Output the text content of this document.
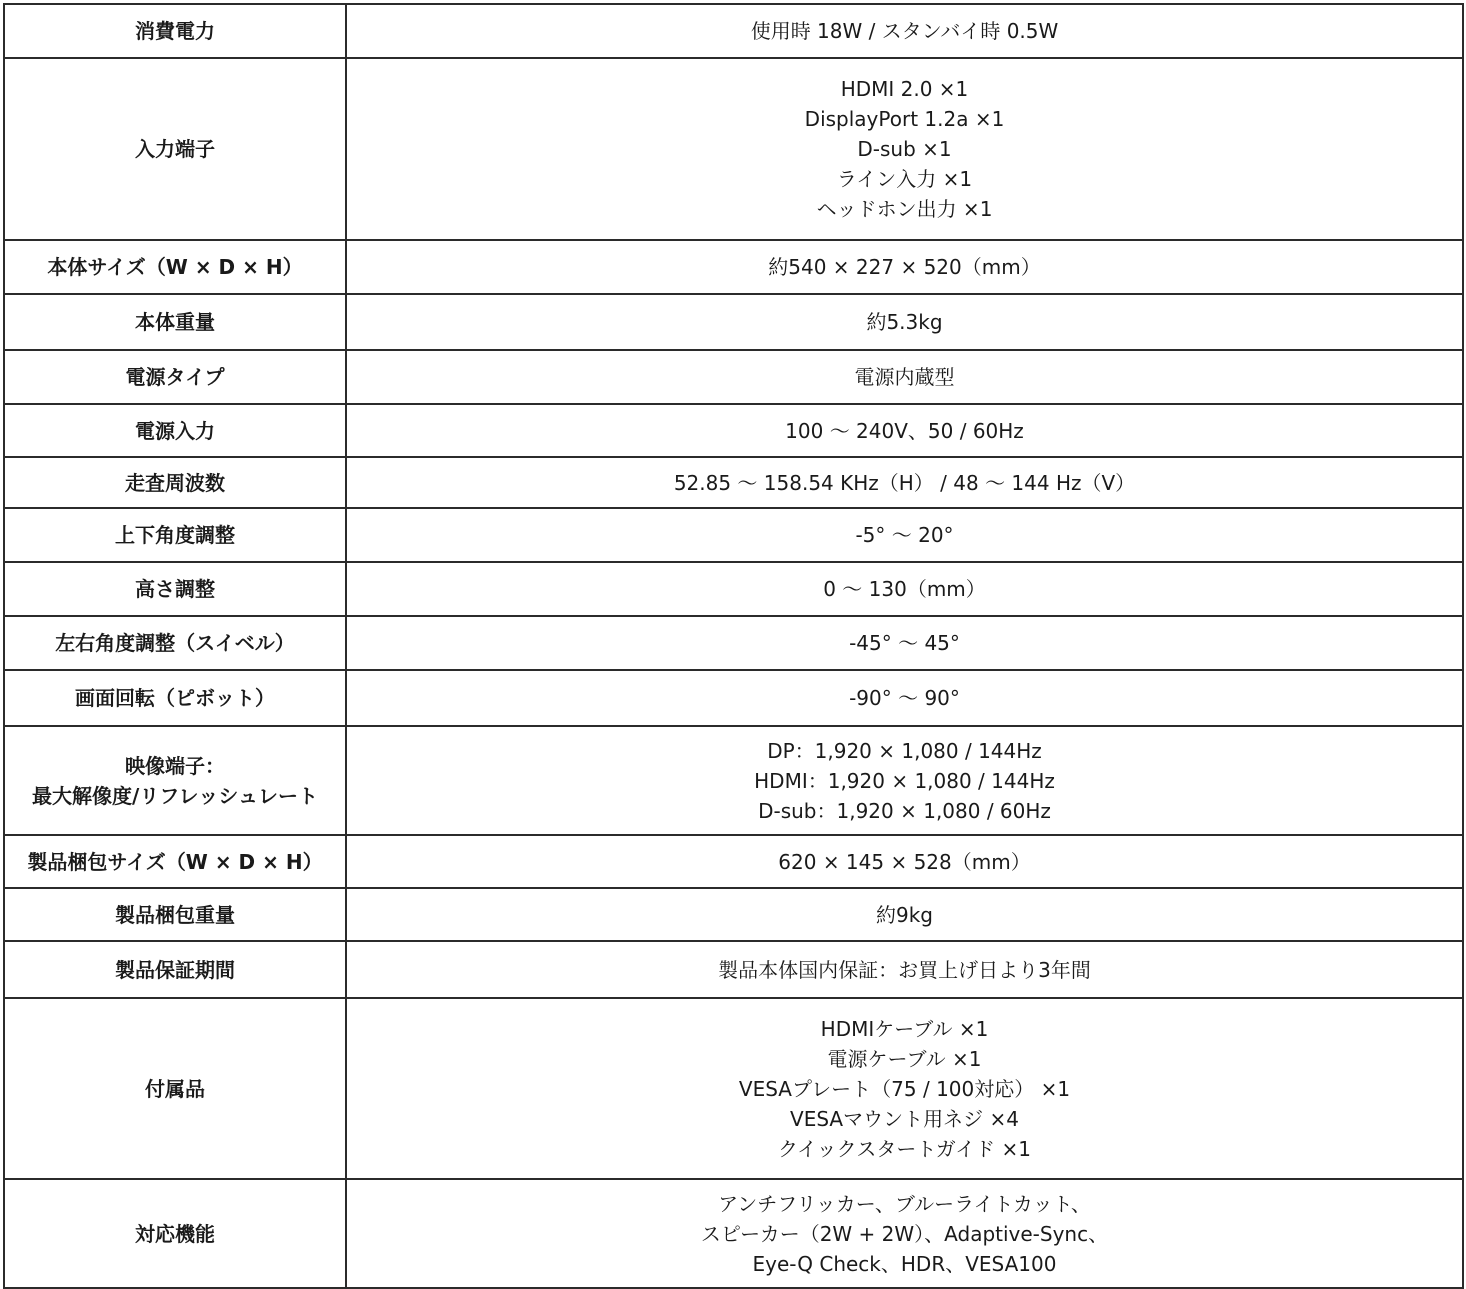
消費電力	使用時 18W / スタンバイ時 0.5W

入力端子	HDMI 2.0 ×1
DisplayPort 1.2a ×1
D-sub ×1
ライン入力 ×1
ヘッドホン出力 ×1

本体サイズ（W × D × H）	約540 × 227 × 520（mm）

本体重量	約5.3kg

電源タイプ	電源内蔵型

電源入力	100 ～ 240V、50 / 60Hz

走査周波数	52.85 ～ 158.54 KHz（H） / 48 ～ 144 Hz（V）

上下角度調整	-5° ～ 20°

高さ調整	0 ～ 130（mm）

左右角度調整（スイベル）	-45° ～ 45°

画面回転（ピボット）	-90° ～ 90°

映像端子：
最大解像度/リフレッシュレート	DP：1,920 × 1,080 / 144Hz
HDMI：1,920 × 1,080 / 144Hz
D-sub：1,920 × 1,080 / 60Hz

製品梱包サイズ（W × D × H）	620 × 145 × 528（mm）

製品梱包重量	約9kg

製品保証期間	製品本体国内保証：お買上げ日より3年間

付属品	HDMIケーブル ×1
電源ケーブル ×1
VESAプレート（75 / 100対応） ×1
VESAマウント用ネジ ×4
クイックスタートガイド ×1

対応機能	アンチフリッカー、ブルーライトカット、
スピーカー（2W + 2W）、Adaptive-Sync、
Eye-Q Check、HDR、VESA100
